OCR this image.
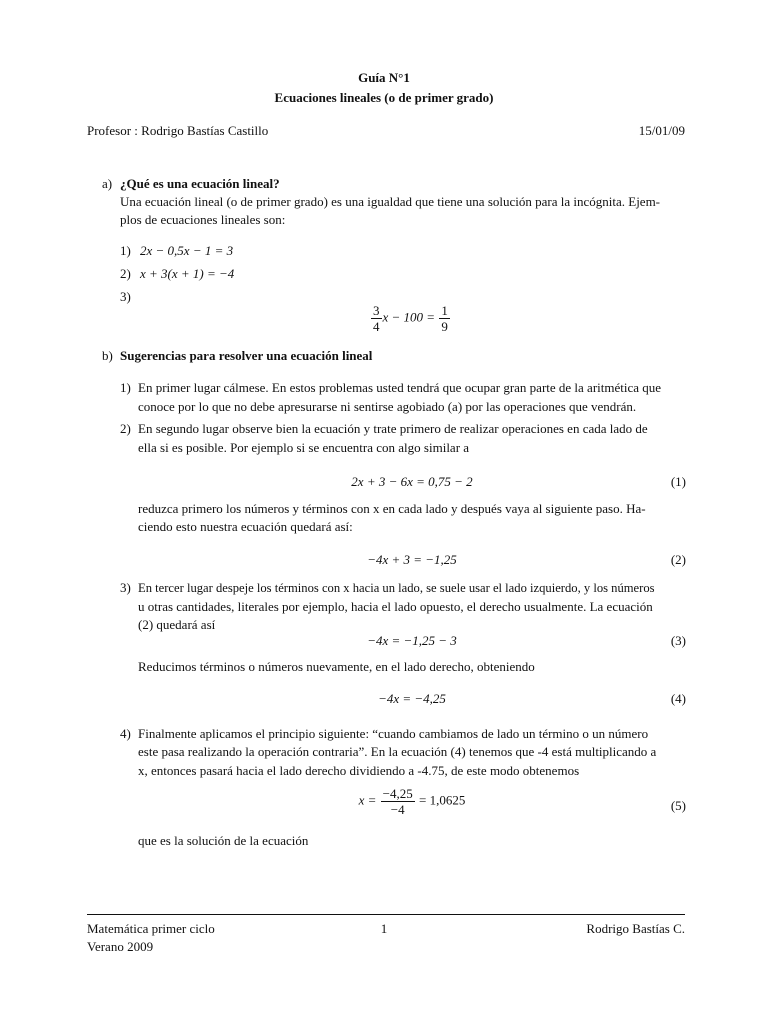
Guía N°1
Ecuaciones lineales (o de primer grado)
Profesor : Rodrigo Bastías Castillo	15/01/09
a) ¿Qué es una ecuación lineal?
Una ecuación lineal (o de primer grado) es una igualdad que tiene una solución para la incógnita. Ejem-
plos de ecuaciones lineales son:
1) 2x − 0,5x − 1 = 3
2) x + 3(x + 1) = −4
3)
$\frac{3}{4}$ $x - 100 = \frac{1}{9}$
b) Sugerencias para resolver una ecuación lineal
1) En primer lugar cálmese. En estos problemas usted tendrá que ocupar gran parte de la aritmética que
conoce por lo que no debe apresurarse ni sentirse agobiado (a) por las operaciones que vendrán.
2) En segundo lugar observe bien la ecuación y trate primero de realizar operaciones en cada lado de
ella si es posible. Por ejemplo si se encuentra con algo similar a
2x + 3 − 6x = 0,75 − 2	(1)
reduzca primero los números y términos con x en cada lado y después vaya al siguiente paso. Ha-
ciendo esto nuestra ecuación quedará así:
−4x + 3 = −1,25	(2)
3) En tercer lugar despeje los términos con x hacia un lado, se suele usar el lado izquierdo, y los números
u otras cantidades, literales por ejemplo, hacia el lado opuesto, el derecho usualmente. La ecuación
(2) quedará así
−4x = −1,25 − 3	(3)
Reducimos términos o números nuevamente, en el lado derecho, obteniendo
−4x = −4,25	(4)
4) Finalmente aplicamos el principio siguiente: “cuando cambiamos de lado un término o un número
este pasa realizando la operación contraria”. En la ecuación (4) tenemos que -4 está multiplicando a
x, entonces pasará hacia el lado derecho dividiendo a -4.75, de este modo obtenemos
$x = \frac{-4,25}{-4} = 1,0625$	(5)
que es la solución de la ecuación
Matemática primer ciclo
Verano 2009
1	Rodrigo Bastías C.
